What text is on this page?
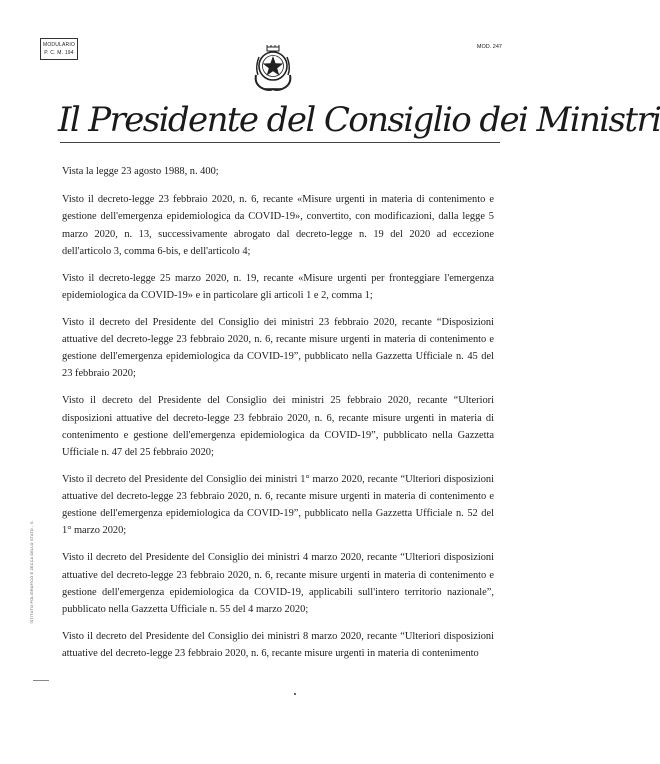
MODULARIO
P. C. M. 194
MOD. 247
Il Presidente del Consiglio dei Ministri

Vista la legge 23 agosto 1988, n. 400;

Visto il decreto-legge 23 febbraio 2020, n. 6, recante «Misure urgenti in materia di contenimento e gestione dell'emergenza epidemiologica da COVID-19», convertito, con modificazioni, dalla legge 5 marzo 2020, n. 13, successivamente abrogato dal decreto-legge n. 19 del 2020 ad eccezione dell'articolo 3, comma 6-bis, e dell'articolo 4;

Visto il decreto-legge 25 marzo 2020, n. 19, recante «Misure urgenti per fronteggiare l'emergenza epidemiologica da COVID-19» e in particolare gli articoli 1 e 2, comma 1;

Visto il decreto del Presidente del Consiglio dei ministri 23 febbraio 2020, recante “Disposizioni attuative del decreto-legge 23 febbraio 2020, n. 6, recante misure urgenti in materia di contenimento e gestione dell'emergenza epidemiologica da COVID-19”, pubblicato nella Gazzetta Ufficiale n. 45 del 23 febbraio 2020;

Visto il decreto del Presidente del Consiglio dei ministri 25 febbraio 2020, recante “Ulteriori disposizioni attuative del decreto-legge 23 febbraio 2020, n. 6, recante misure urgenti in materia di contenimento e gestione dell'emergenza epidemiologica da COVID-19”, pubblicato nella Gazzetta Ufficiale n. 47 del 25 febbraio 2020;

Visto il decreto del Presidente del Consiglio dei ministri 1° marzo 2020, recante “Ulteriori disposizioni attuative del decreto-legge 23 febbraio 2020, n. 6, recante misure urgenti in materia di contenimento e gestione dell'emergenza epidemiologica da COVID-19”, pubblicato nella Gazzetta Ufficiale n. 52 del 1° marzo 2020;

Visto il decreto del Presidente del Consiglio dei ministri 4 marzo 2020, recante “Ulteriori disposizioni attuative del decreto-legge 23 febbraio 2020, n. 6, recante misure urgenti in materia di contenimento e gestione dell'emergenza epidemiologica da COVID-19, applicabili sull'intero territorio nazionale”, pubblicato nella Gazzetta Ufficiale n. 55 del 4 marzo 2020;

Visto il decreto del Presidente del Consiglio dei ministri 8 marzo 2020, recante “Ulteriori disposizioni attuative del decreto-legge 23 febbraio 2020, n. 6, recante misure urgenti in materia di contenimento

ISTITUTO POLIGRAFICO E ZECCA DELLO STATO - S.
